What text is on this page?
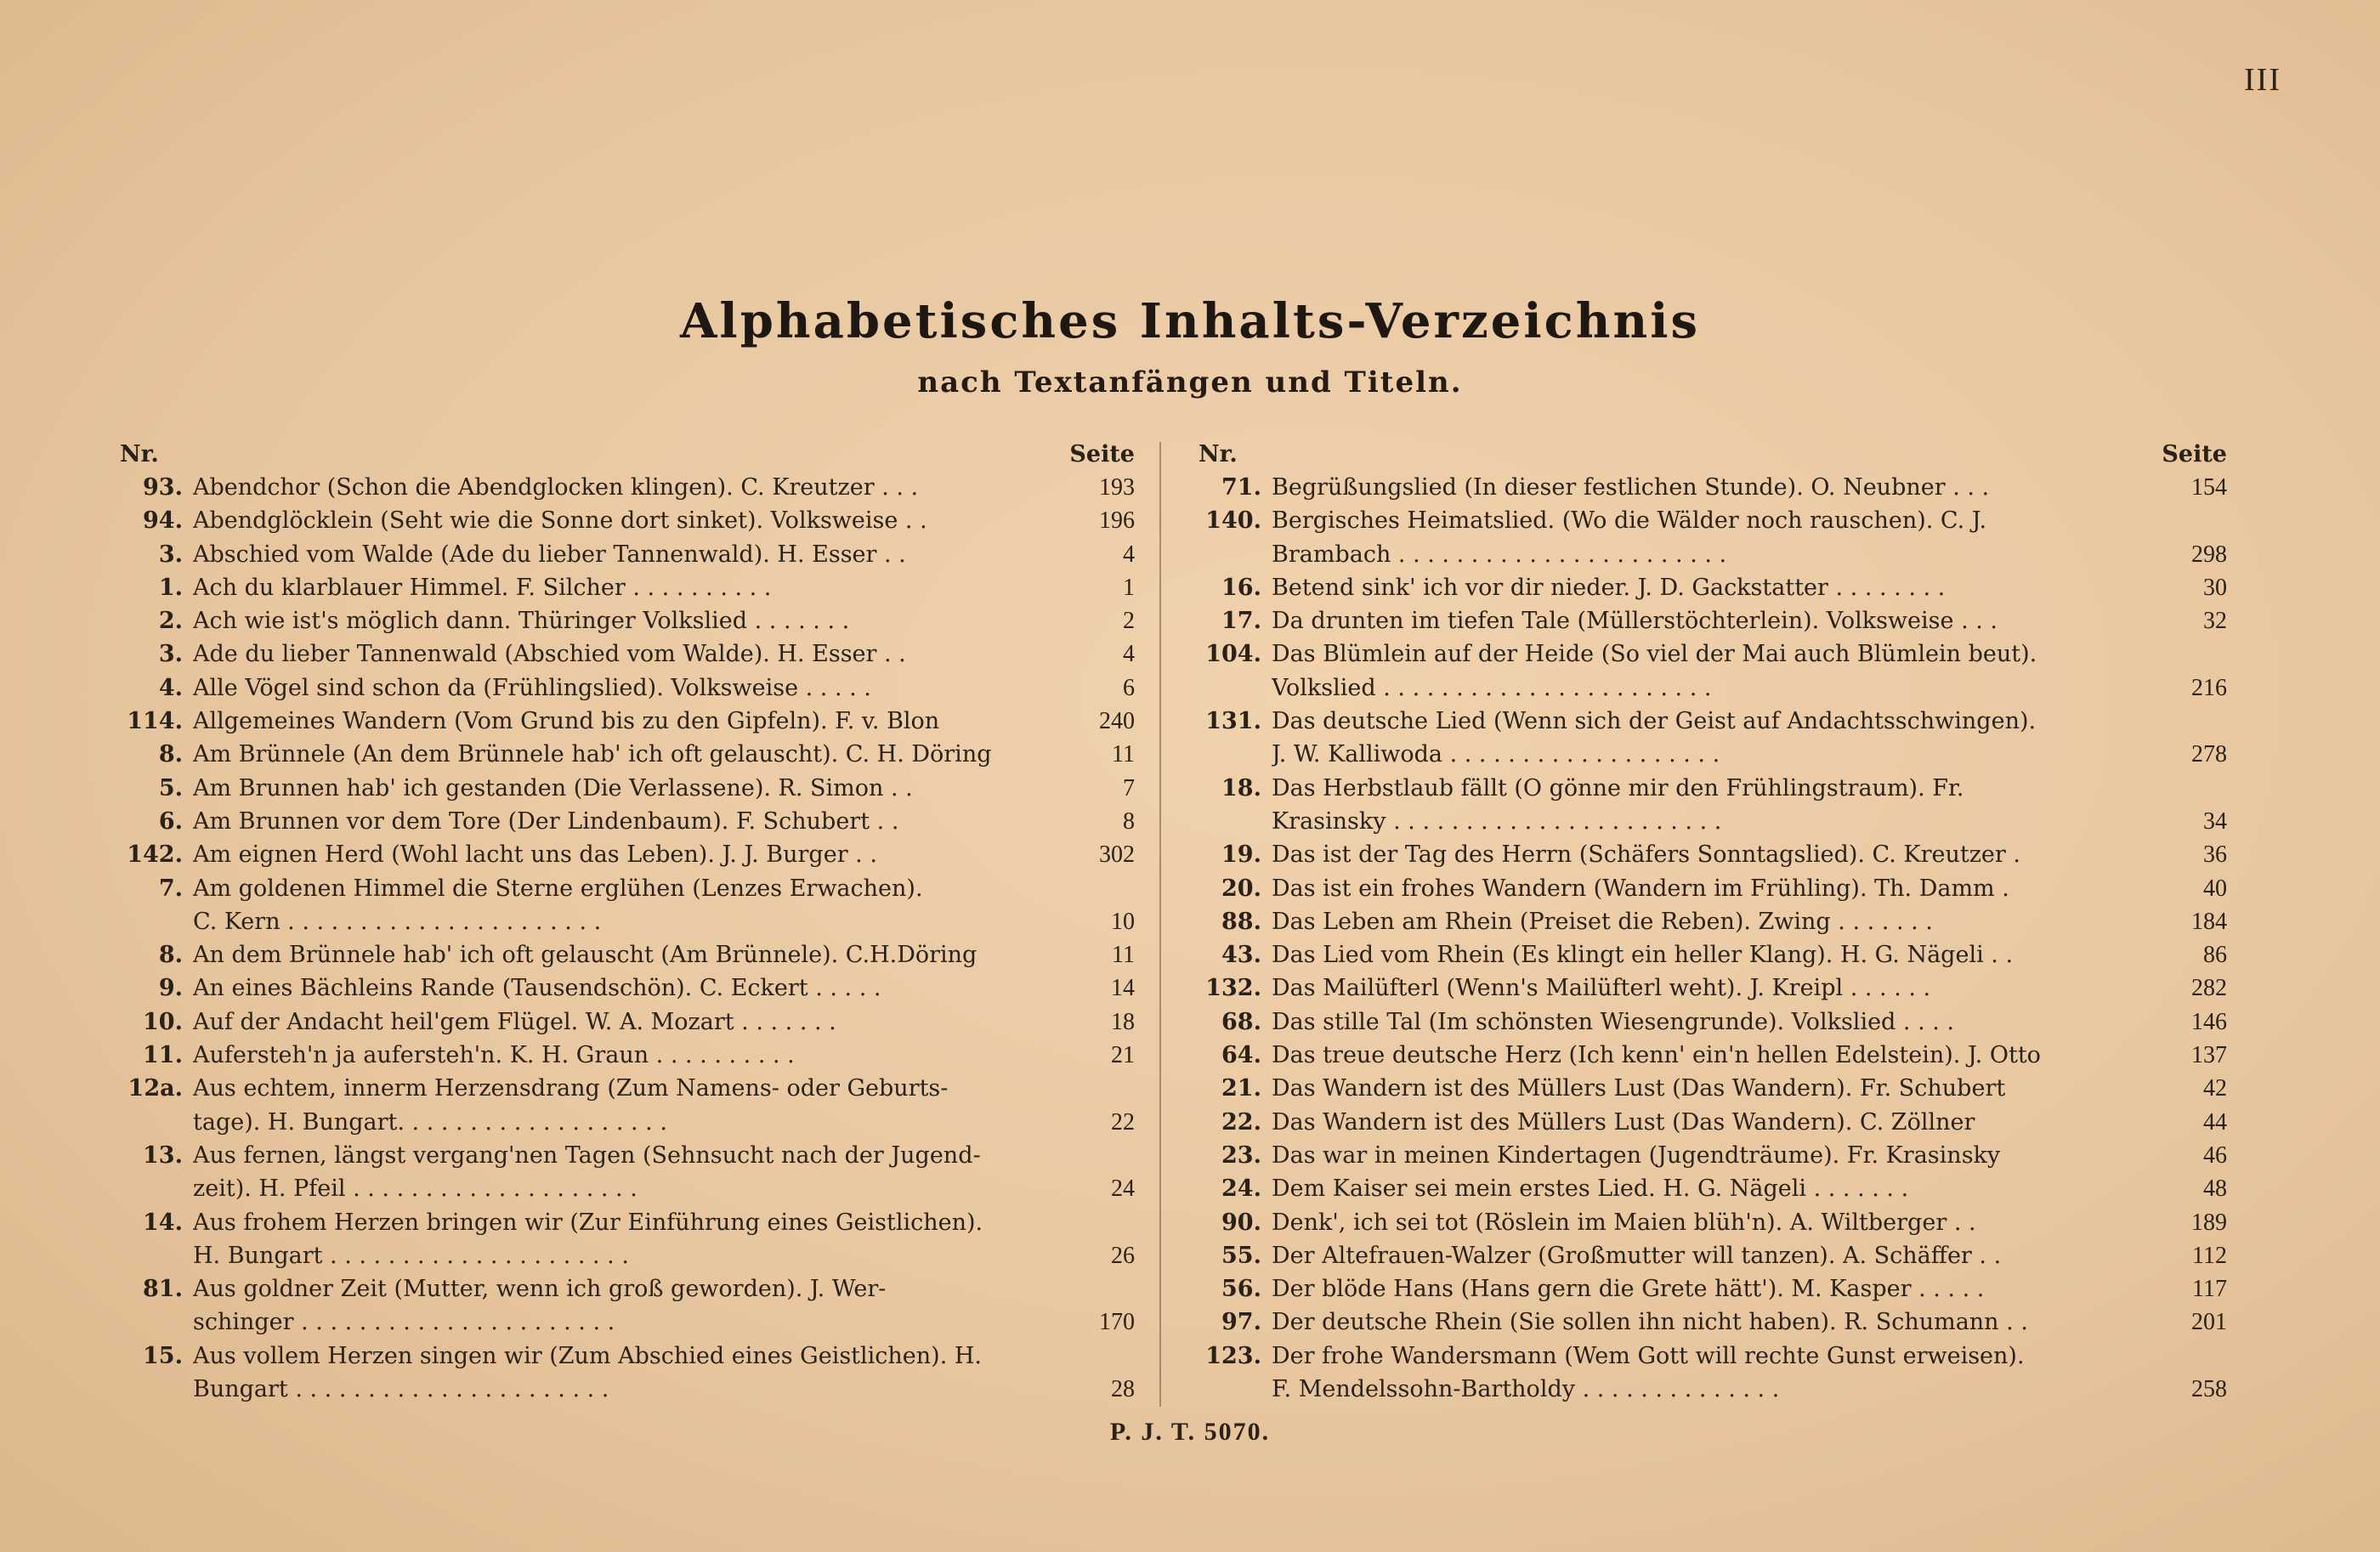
III
Alphabetisches Inhalts-Verzeichnis
nach Textanfängen und Titeln.
Nr.	Seite
93. Abendchor (Schon die Abendglocken klingen). C. Kreutzer . . .	193
94. Abendglöcklein (Seht wie die Sonne dort sinket). Volksweise . .	196
3. Abschied vom Walde (Ade du lieber Tannenwald). H. Esser . .	4
1. Ach du klarblauer Himmel. F. Silcher . . . . . . . . . .	1
2. Ach wie ist's möglich dann. Thüringer Volkslied . . . . . . .	2
3. Ade du lieber Tannenwald (Abschied vom Walde). H. Esser . .	4
4. Alle Vögel sind schon da (Frühlingslied). Volksweise . . . . .	6
114. Allgemeines Wandern (Vom Grund bis zu den Gipfeln). F. v. Blon	240
8. Am Brünnele (An dem Brünnele hab' ich oft gelauscht). C. H. Döring	11
5. Am Brunnen hab' ich gestanden (Die Verlassene). R. Simon . .	7
6. Am Brunnen vor dem Tore (Der Lindenbaum). F. Schubert . .	8
142. Am eignen Herd (Wohl lacht uns das Leben). J. J. Burger . .	302
7. Am goldenen Himmel die Sterne erglühen (Lenzes Erwachen).
C. Kern . . . . . . . . . . . . . . . . . . . . . .	10
8. An dem Brünnele hab' ich oft gelauscht (Am Brünnele). C.H.Döring	11
9. An eines Bächleins Rande (Tausendschön). C. Eckert . . . . .	14
10. Auf der Andacht heil'gem Flügel. W. A. Mozart . . . . . . .	18
11. Aufersteh'n ja aufersteh'n. K. H. Graun . . . . . . . . . .	21
12a. Aus echtem, innerm Herzensdrang (Zum Namens- oder Geburts-
tage). H. Bungart. . . . . . . . . . . . . . . . . . .	22
13. Aus fernen, längst vergang'nen Tagen (Sehnsucht nach der Jugend-
zeit). H. Pfeil . . . . . . . . . . . . . . . . . . . .	24
14. Aus frohem Herzen bringen wir (Zur Einführung eines Geistlichen).
H. Bungart . . . . . . . . . . . . . . . . . . . . .	26
81. Aus goldner Zeit (Mutter, wenn ich groß geworden). J. Wer-
schinger . . . . . . . . . . . . . . . . . . . . . .	170
15. Aus vollem Herzen singen wir (Zum Abschied eines Geistlichen). H.
Bungart . . . . . . . . . . . . . . . . . . . . . .	28
Nr.	Seite
71. Begrüßungslied (In dieser festlichen Stunde). O. Neubner . . .	154
140. Bergisches Heimatslied. (Wo die Wälder noch rauschen). C. J.
Brambach . . . . . . . . . . . . . . . . . . . . . . .	298
16. Betend sink' ich vor dir nieder. J. D. Gackstatter . . . . . . . .	30
17. Da drunten im tiefen Tale (Müllerstöchterlein). Volksweise . . .	32
104. Das Blümlein auf der Heide (So viel der Mai auch Blümlein beut).
Volkslied . . . . . . . . . . . . . . . . . . . . . . .	216
131. Das deutsche Lied (Wenn sich der Geist auf Andachtsschwingen).
J. W. Kalliwoda . . . . . . . . . . . . . . . . . . .	278
18. Das Herbstlaub fällt (O gönne mir den Frühlingstraum). Fr.
Krasinsky . . . . . . . . . . . . . . . . . . . . . . .	34
19. Das ist der Tag des Herrn (Schäfers Sonntagslied). C. Kreutzer .	36
20. Das ist ein frohes Wandern (Wandern im Frühling). Th. Damm .	40
88. Das Leben am Rhein (Preiset die Reben). Zwing . . . . . . .	184
43. Das Lied vom Rhein (Es klingt ein heller Klang). H. G. Nägeli . .	86
132. Das Mailüfterl (Wenn's Mailüfterl weht). J. Kreipl . . . . . .	282
68. Das stille Tal (Im schönsten Wiesengrunde). Volkslied . . . .	146
64. Das treue deutsche Herz (Ich kenn' ein'n hellen Edelstein). J. Otto	137
21. Das Wandern ist des Müllers Lust (Das Wandern). Fr. Schubert	42
22. Das Wandern ist des Müllers Lust (Das Wandern). C. Zöllner	44
23. Das war in meinen Kindertagen (Jugendträume). Fr. Krasinsky	46
24. Dem Kaiser sei mein erstes Lied. H. G. Nägeli . . . . . . .	48
90. Denk', ich sei tot (Röslein im Maien blüh'n). A. Wiltberger . .	189
55. Der Altefrauen-Walzer (Großmutter will tanzen). A. Schäffer . .	112
56. Der blöde Hans (Hans gern die Grete hätt'). M. Kasper . . . . .	117
97. Der deutsche Rhein (Sie sollen ihn nicht haben). R. Schumann . .	201
123. Der frohe Wandersmann (Wem Gott will rechte Gunst erweisen).
F. Mendelssohn-Bartholdy . . . . . . . . . . . . . .	258
P. J. T. 5070.
